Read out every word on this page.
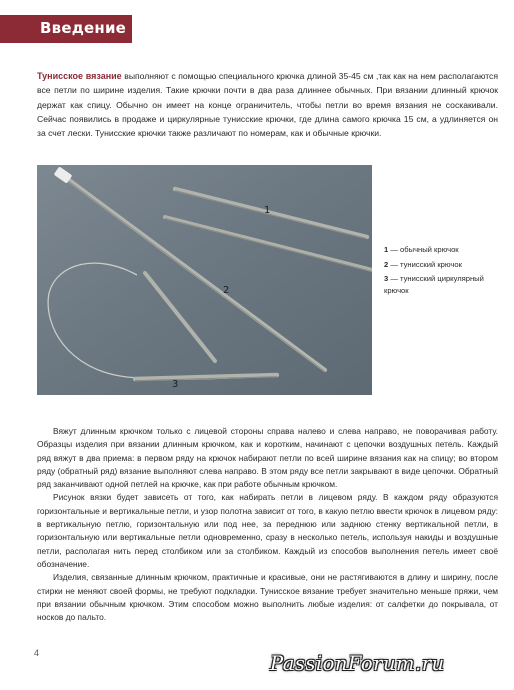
Введение
Тунисское вязание выполняют с помощью специального крючка длиной 35-45 см ,так как на нем располагаются все петли по ширине изделия. Такие крючки почти в два раза длиннее обычных. При вязании длинный крючок держат как спицу. Обычно он имеет на конце ограничитель, чтобы петли во время вязания не соскакивали. Сейчас появились в продаже и циркулярные тунисские крючки, где длина самого крючка 15 см, а удлиняется он за счет лески. Тунисские крючки также различают по номерам, как и обычные крючки.
1
2
3
1 — обычный крючок
2 — тунисский крючок
3 — тунисский циркулярный крючок

Вяжут длинным крючком только с лицевой стороны справа налево и слева направо, не поворачивая работу. Образцы изделия при вязании длинным крючком, как и коротким, начинают с цепочки воздушных петель. Каждый ряд вяжут в два приема: в первом ряду на крючок набирают петли по всей ширине вязания как на спицу; во втором ряду (обратный ряд) вязание выполняют слева направо. В этом ряду все петли закрывают в виде цепочки. Обратный ряд заканчивают одной петлей на крючке, как при работе обычным крючком.

Рисунок вязки будет зависеть от того, как набирать петли в лицевом ряду. В каждом ряду образуются горизонтальные и вертикальные петли, и узор полотна зависит от того, в какую петлю ввести крючок в лицевом ряду: в вертикальную петлю, горизонтальную или под нее, за переднюю или заднюю стенку вертикальной петли, в горизонтальную или вертикальные петли одновременно, сразу в несколько петель, используя накиды и воздушные петли, располагая нить перед столбиком или за столбиком. Каждый из способов выполнения петель имеет своё обозначение.

Изделия, связанные длинным крючком, практичные и красивые, они не растягиваются в длину и ширину, после стирки не меняют своей формы, не требуют подкладки. Тунисское вязание требует значительно меньше пряжи, чем при вязании обычным крючком. Этим способом можно выполнить любые изделия: от салфетки до покрывала, от носков до пальто.

4	PassionForum.ru
